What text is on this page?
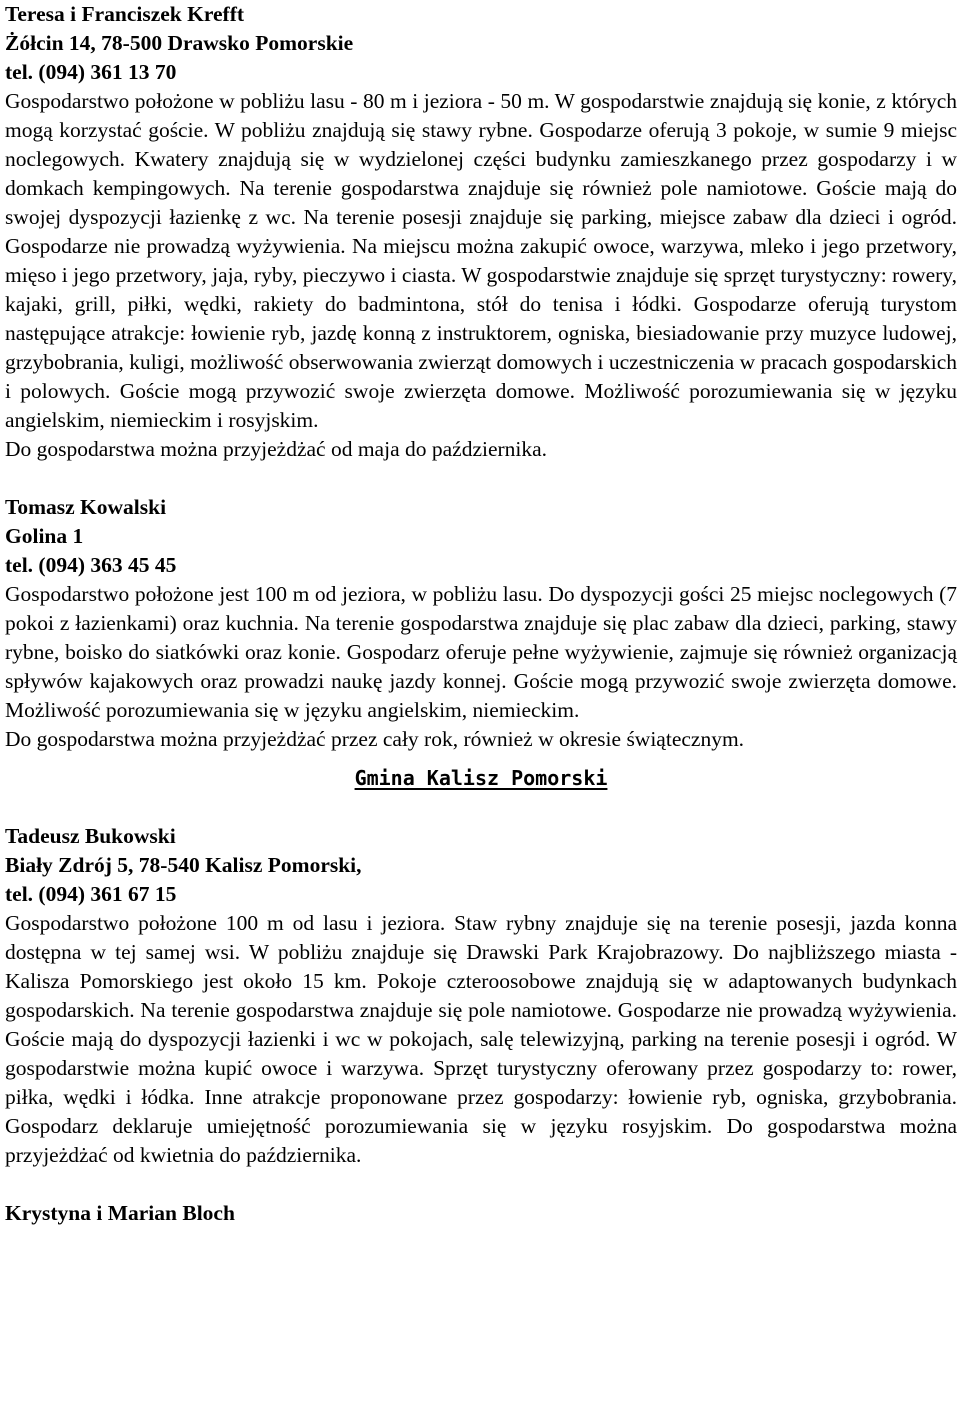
Teresa i Franciszek Krefft
Żółcin 14, 78-500 Drawsko Pomorskie
tel. (094) 361 13 70
Gospodarstwo położone w pobliżu lasu - 80 m i jeziora - 50 m. W gospodarstwie znajdują się konie, z których mogą korzystać goście. W pobliżu znajdują się stawy rybne. Gospodarze oferują 3 pokoje, w sumie 9 miejsc noclegowych. Kwatery znajdują się w wydzielonej części budynku zamieszkanego przez gospodarzy i w domkach kempingowych. Na terenie gospodarstwa znajduje się również pole namiotowe. Goście mają do swojej dyspozycji łazienkę z wc. Na terenie posesji znajduje się parking, miejsce zabaw dla dzieci i ogród. Gospodarze nie prowadzą wyżywienia. Na miejscu można zakupić owoce, warzywa, mleko i jego przetwory, mięso i jego przetwory, jaja, ryby, pieczywo i ciasta. W gospodarstwie znajduje się sprzęt turystyczny: rowery, kajaki, grill, piłki, wędki, rakiety do badmintona, stół do tenisa i łódki. Gospodarze oferują turystom następujące atrakcje: łowienie ryb, jazdę konną z instruktorem, ogniska, biesiadowanie przy muzyce ludowej, grzybobrania, kuligi, możliwość obserwowania zwierząt domowych i uczestniczenia w pracach gospodarskich i polowych. Goście mogą przywozić swoje zwierzęta domowe. Możliwość porozumiewania się w języku angielskim, niemieckim i rosyjskim.
Do gospodarstwa można przyjeżdżać od maja do października.
Tomasz Kowalski
Golina 1
tel. (094) 363 45 45
Gospodarstwo położone jest 100 m od jeziora, w pobliżu lasu. Do dyspozycji gości 25 miejsc noclegowych (7 pokoi z łazienkami) oraz kuchnia. Na terenie gospodarstwa znajduje się plac zabaw dla dzieci, parking, stawy rybne, boisko do siatkówki oraz konie. Gospodarz oferuje pełne wyżywienie, zajmuje się również organizacją spływów kajakowych oraz prowadzi naukę jazdy konnej. Goście mogą przywozić swoje zwierzęta domowe. Możliwość porozumiewania się w języku angielskim, niemieckim.
Do gospodarstwa można przyjeżdżać przez cały rok, również w okresie świątecznym.
Gmina Kalisz Pomorski
Tadeusz Bukowski
Biały Zdrój 5, 78-540 Kalisz Pomorski,
tel. (094) 361 67 15
Gospodarstwo położone 100 m od lasu i jeziora. Staw rybny znajduje się na terenie posesji, jazda konna dostępna w tej samej wsi. W pobliżu znajduje się Drawski Park Krajobrazowy. Do najbliższego miasta - Kalisza Pomorskiego jest około 15 km. Pokoje czteroosobowe znajdują się w adaptowanych budynkach gospodarskich. Na terenie gospodarstwa znajduje się pole namiotowe. Gospodarze nie prowadzą wyżywienia. Goście mają do dyspozycji łazienki i wc w pokojach, salę telewizyjną, parking na terenie posesji i ogród. W gospodarstwie można kupić owoce i warzywa. Sprzęt turystyczny oferowany przez gospodarzy to: rower, piłka, wędki i łódka. Inne atrakcje proponowane przez gospodarzy: łowienie ryb, ogniska, grzybobrania. Gospodarz deklaruje umiejętność porozumiewania się w języku rosyjskim. Do gospodarstwa można przyjeżdżać od kwietnia do października.
Krystyna i Marian Bloch
